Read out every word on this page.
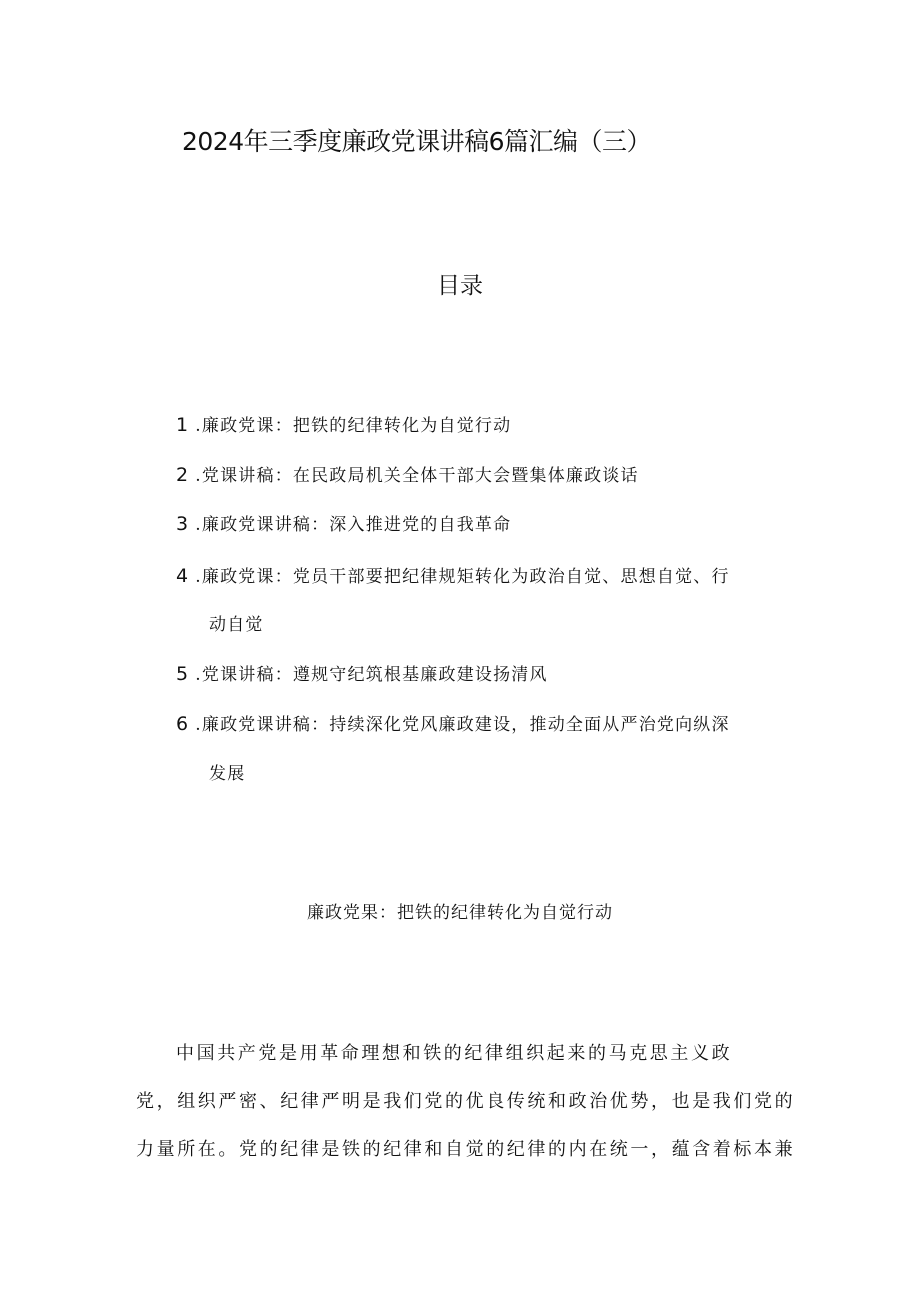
2024年三季度廉政党课讲稿6篇汇编（三）
目录
1 .廉政党课：把铁的纪律转化为自觉行动
2 .党课讲稿：在民政局机关全体干部大会暨集体廉政谈话
3 .廉政党课讲稿：深入推进党的自我革命
4 .廉政党课：党员干部要把纪律规矩转化为政治自觉、思想自觉、行
动自觉
5 .党课讲稿：遵规守纪筑根基廉政建设扬清风
6 .廉政党课讲稿：持续深化党风廉政建设，推动全面从严治党向纵深
发展
廉政党果：把铁的纪律转化为自觉行动
中国共产党是用革命理想和铁的纪律组织起来的马克思主义政
党，组织严密、纪律严明是我们党的优良传统和政治优势，也是我们党的
力量所在。党的纪律是铁的纪律和自觉的纪律的内在统一，蕴含着标本兼
